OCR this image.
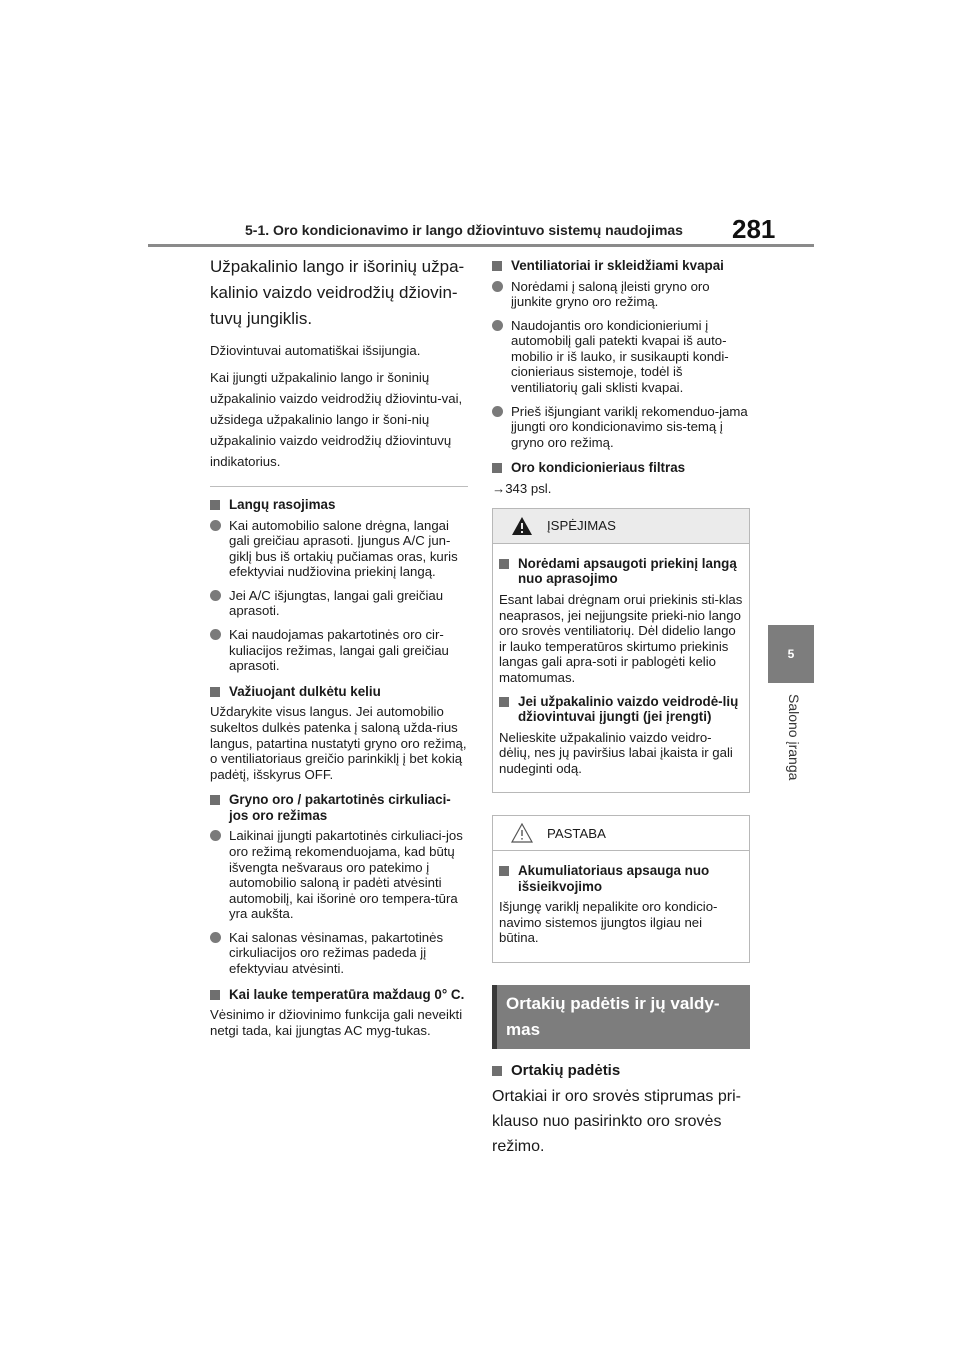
5-1. Oro kondicionavimo ir lango džiovintuvo sistemų naudojimas 281
5
Salono įranga

Užpakalinio lango ir išorinių užpa-kalinio vaizdo veidrodžių džiovin-tuvų jungiklis.

Džiovintuvai automatiškai išsijungia.

Kai įjungti užpakalinio lango ir šoninių užpakalinio vaizdo veidrodžių džiovintu-vai, užsidega užpakalinio lango ir šoni-nių užpakalinio vaizdo veidrodžių džiovintuvų indikatorius.

Langų rasojimas
Kai automobilio salone drėgna, langai gali greičiau aprasoti. Įjungus A/C jun-giklį bus iš ortakių pučiamas oras, kuris efektyviai nudžiovina priekinį langą.
Jei A/C išjungtas, langai gali greičiau aprasoti.
Kai naudojamas pakartotinės oro cir-kuliacijos režimas, langai gali greičiau aprasoti.
Važiuojant dulkėtu keliu

Uždarykite visus langus. Jei automobilio sukeltos dulkės patenka į saloną užda-rius langus, patartina nustatyti gryno oro režimą, o ventiliatoriaus greičio parinkiklį į bet kokią padėtį, išskyrus OFF.

Gryno oro / pakartotinės cirkuliaci-jos oro režimas
Laikinai įjungti pakartotinės cirkuliaci-jos oro režimą rekomenduojama, kad būtų išvengta nešvaraus oro patekimo į automobilio saloną ir padėti atvėsinti automobilį, kai išorinė oro tempera-tūra yra aukšta.
Kai salonas vėsinamas, pakartotinės cirkuliacijos oro režimas padeda jį efektyviau atvėsinti.
Kai lauke temperatūra maždaug 0° C.

Vėsinimo ir džiovinimo funkcija gali neveikti netgi tada, kai įjungtas AC myg-tukas.

Ventiliatoriai ir skleidžiami kvapai
Norėdami į saloną įleisti gryno oro įjunkite gryno oro režimą.
Naudojantis oro kondicionieriumi į automobilį gali patekti kvapai iš auto-mobilio ir iš lauko, ir susikaupti kondi-cionieriaus sistemoje, todėl iš ventiliatorių gali sklisti kvapai.
Prieš išjungiant variklį rekomenduo-jama įjungti oro kondicionavimo sis-temą į gryno oro režimą.
Oro kondicionieriaus filtras

→343 psl.

ĮSPĖJIMAS
Norėdami apsaugoti priekinį langą nuo aprasojimo

Esant labai drėgnam orui priekinis sti-klas neaprasos, jei neįjungsite prieki-nio lango oro srovės ventiliatorių. Dėl didelio lango ir lauko temperatūros skirtumo priekinis langas gali apra-soti ir pablogėti kelio matomumas.

Jei užpakalinio vaizdo veidrodė-lių džiovintuvai įjungti (jei įrengti)

Nelieskite užpakalinio vaizdo veidro-dėlių, nes jų paviršius labai įkaista ir gali nudeginti odą.

PASTABA
Akumuliatoriaus apsauga nuo išsieikvojimo

Išjungę variklį nepalikite oro kondicio-navimo sistemos įjungtos ilgiau nei būtina.

Ortakių padėtis ir jų valdy-mas
Ortakių padėtis

Ortakiai ir oro srovės stiprumas pri-klauso nuo pasirinkto oro srovės režimo.
